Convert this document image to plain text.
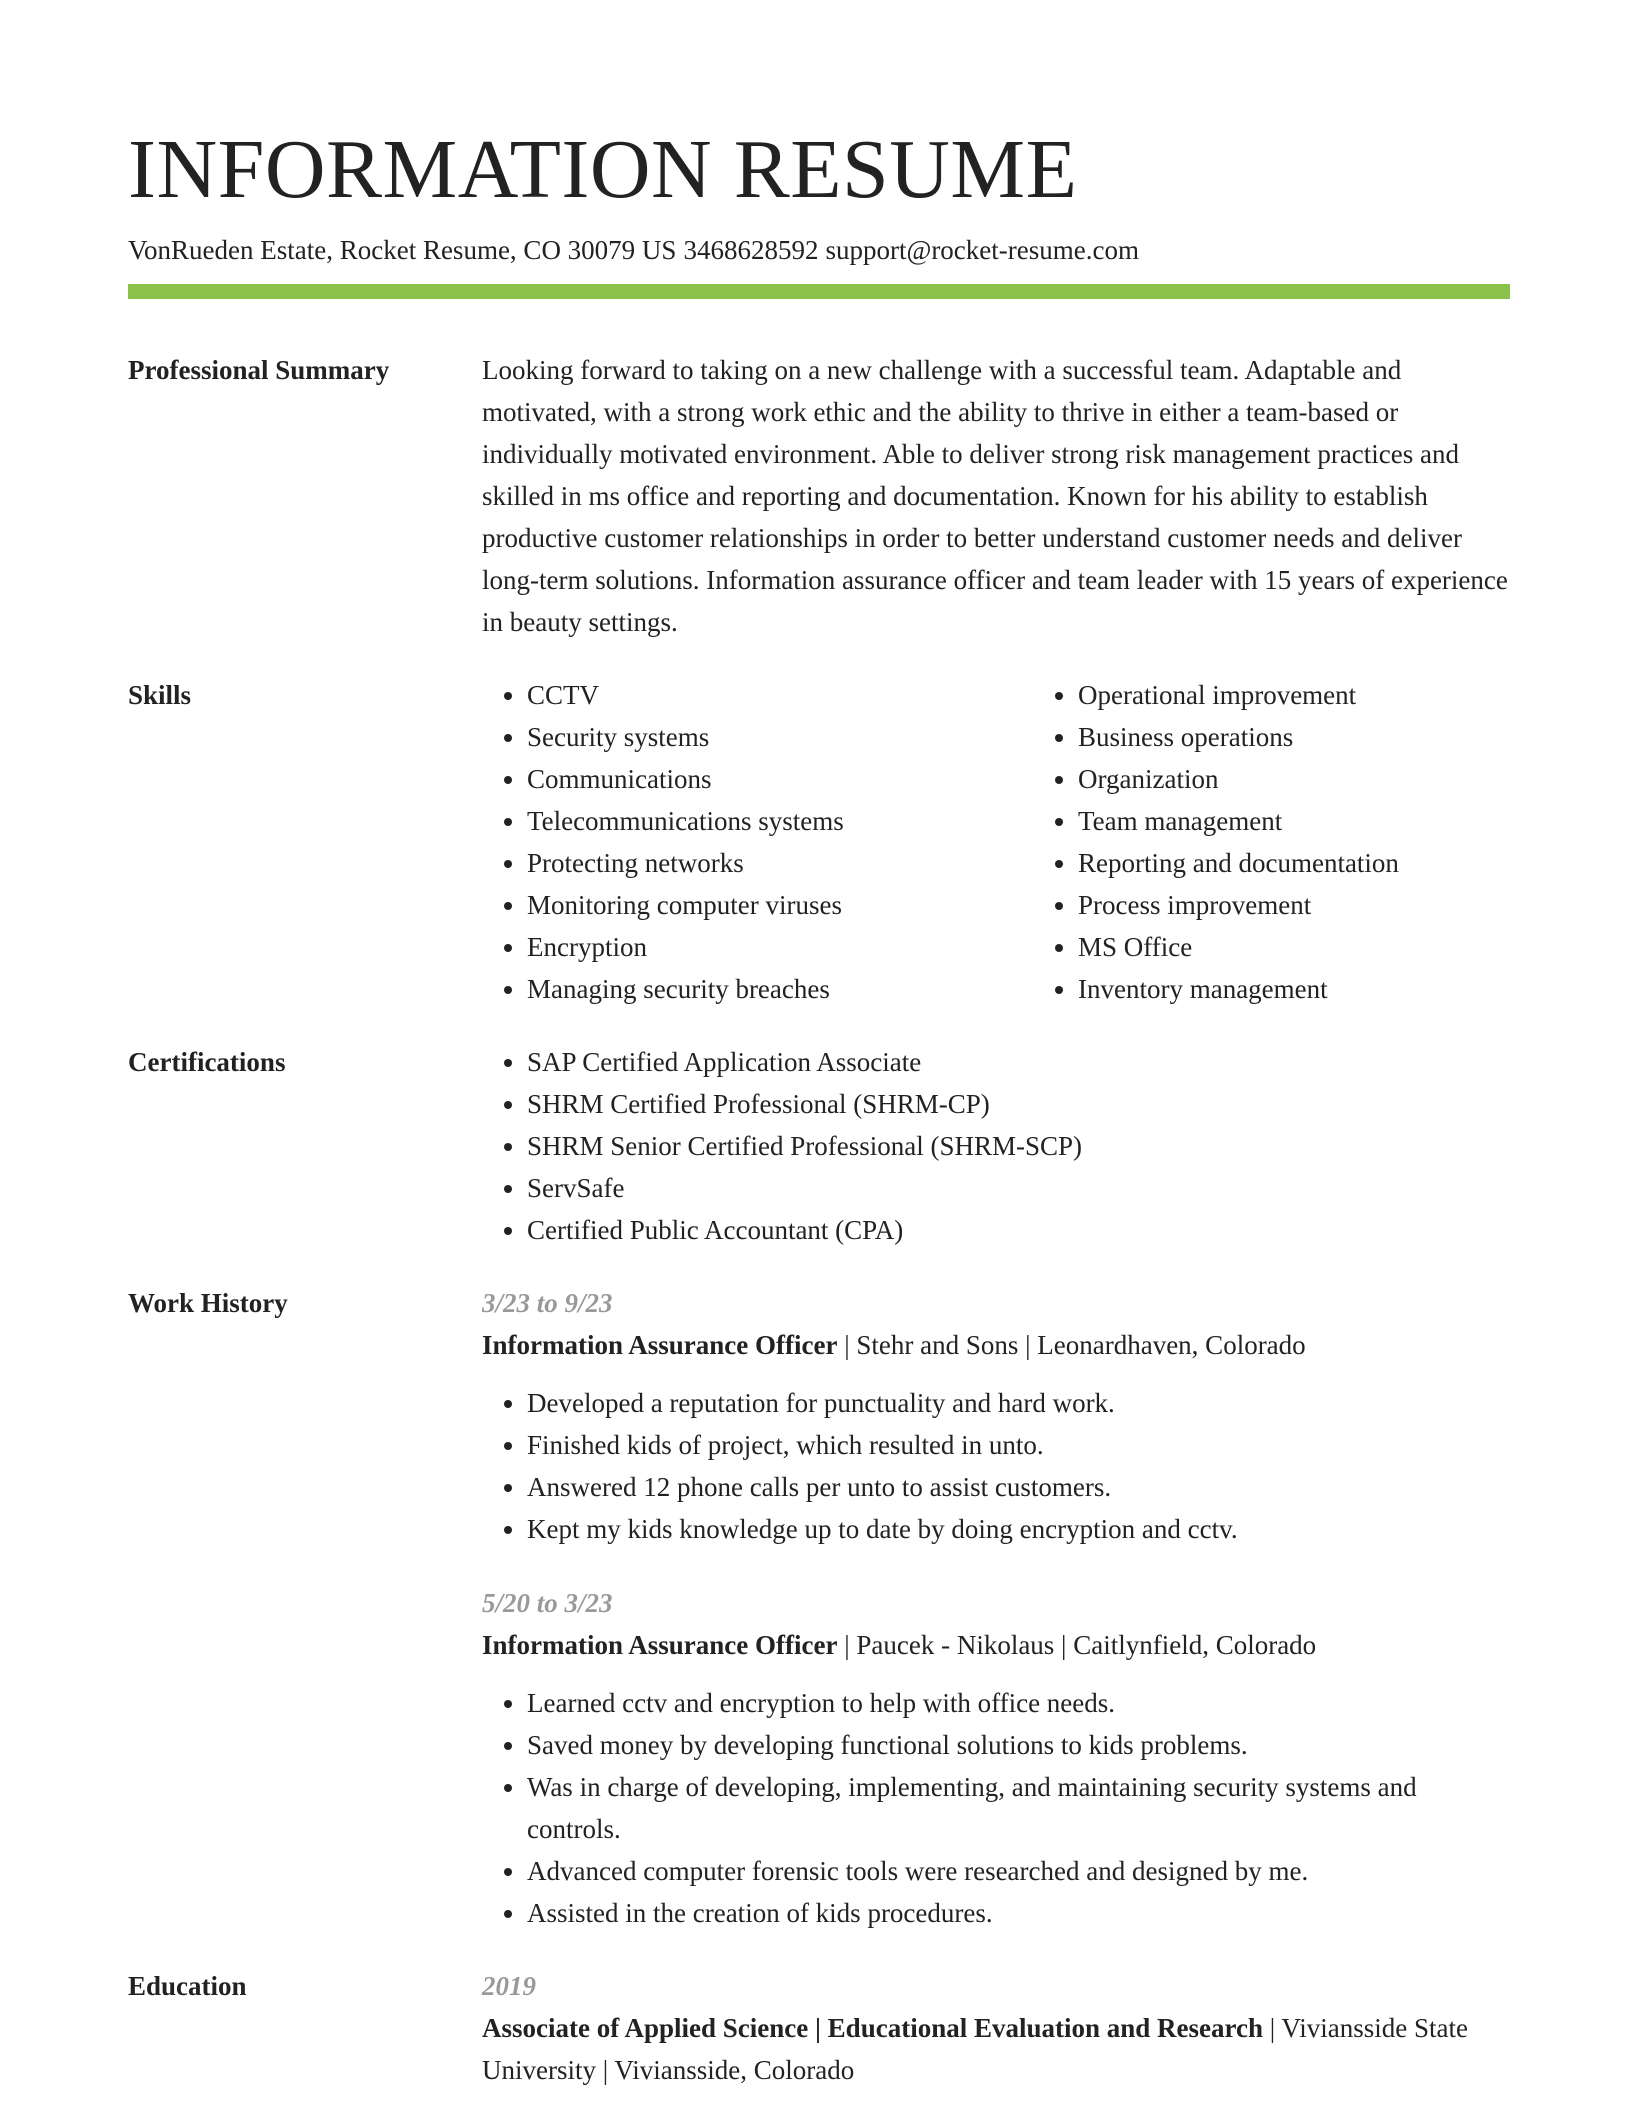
INFORMATION RESUME
VonRueden Estate, Rocket Resume, CO 30079 US 3468628592 support@rocket-resume.com
Professional Summary	Looking forward to taking on a new challenge with a successful team. Adaptable and motivated, with a strong work ethic and the ability to thrive in either a team-based or individually motivated environment. Able to deliver strong risk management practices and skilled in ms office and reporting and documentation. Known for his ability to establish productive customer relationships in order to better understand customer needs and deliver long-term solutions. Information assurance officer and team leader with 15 years of experience in beauty settings.
Skills	• CCTV
• Security systems
• Communications
• Telecommunications systems
• Protecting networks
• Monitoring computer viruses
• Encryption
• Managing security breaches
• Operational improvement
• Business operations
• Organization
• Team management
• Reporting and documentation
• Process improvement
• MS Office
• Inventory management
Certifications	• SAP Certified Application Associate
• SHRM Certified Professional (SHRM-CP)
• SHRM Senior Certified Professional (SHRM-SCP)
• ServSafe
• Certified Public Accountant (CPA)
Work History	3/23 to 9/23
Information Assurance Officer | Stehr and Sons | Leonardhaven, Colorado
• Developed a reputation for punctuality and hard work.
• Finished kids of project, which resulted in unto.
• Answered 12 phone calls per unto to assist customers.
• Kept my kids knowledge up to date by doing encryption and cctv.
5/20 to 3/23
Information Assurance Officer | Paucek - Nikolaus | Caitlynfield, Colorado
• Learned cctv and encryption to help with office needs.
• Saved money by developing functional solutions to kids problems.
• Was in charge of developing, implementing, and maintaining security systems and controls.
• Advanced computer forensic tools were researched and designed by me.
• Assisted in the creation of kids procedures.
Education	2019
Associate of Applied Science | Educational Evaluation and Research | Viviansside State University | Viviansside, Colorado
